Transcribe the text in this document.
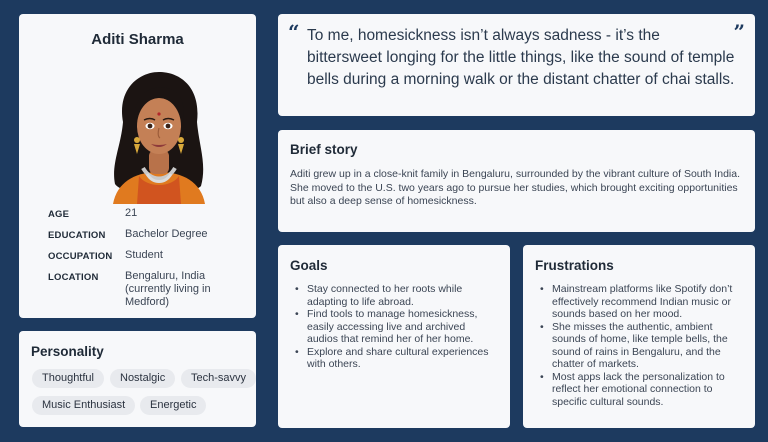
Aditi Sharma
AGE	21
EDUCATION	Bachelor Degree
OCCUPATION	Student
LOCATION	Bengaluru, India (currently living in Medford)
Personality
Thoughtful	Nostalgic	Tech-savvy
Music Enthusiast	Energetic
“ To me, homesickness isn’t always sadness - it’s the bittersweet longing for the little things, like the sound of temple bells during a morning walk or the distant chatter of chai stalls.
”
Brief story

Aditi grew up in a close-knit family in Bengaluru, surrounded by the vibrant culture of South India.

She moved to the U.S. two years ago to pursue her studies, which brought exciting opportunities but also a deep sense of homesickness.

Goals
• Stay connected to her roots while adapting to life abroad.
• Find tools to manage homesickness, easily accessing live and archived audios that remind her of her home.
• Explore and share cultural experiences with others.
Frustrations
• Mainstream platforms like Spotify don’t effectively recommend Indian music or sounds based on her mood.
• She misses the authentic, ambient sounds of home, like temple bells, the sound of rains in Bengaluru, and the chatter of markets.
• Most apps lack the personalization to reflect her emotional connection to specific cultural sounds.
